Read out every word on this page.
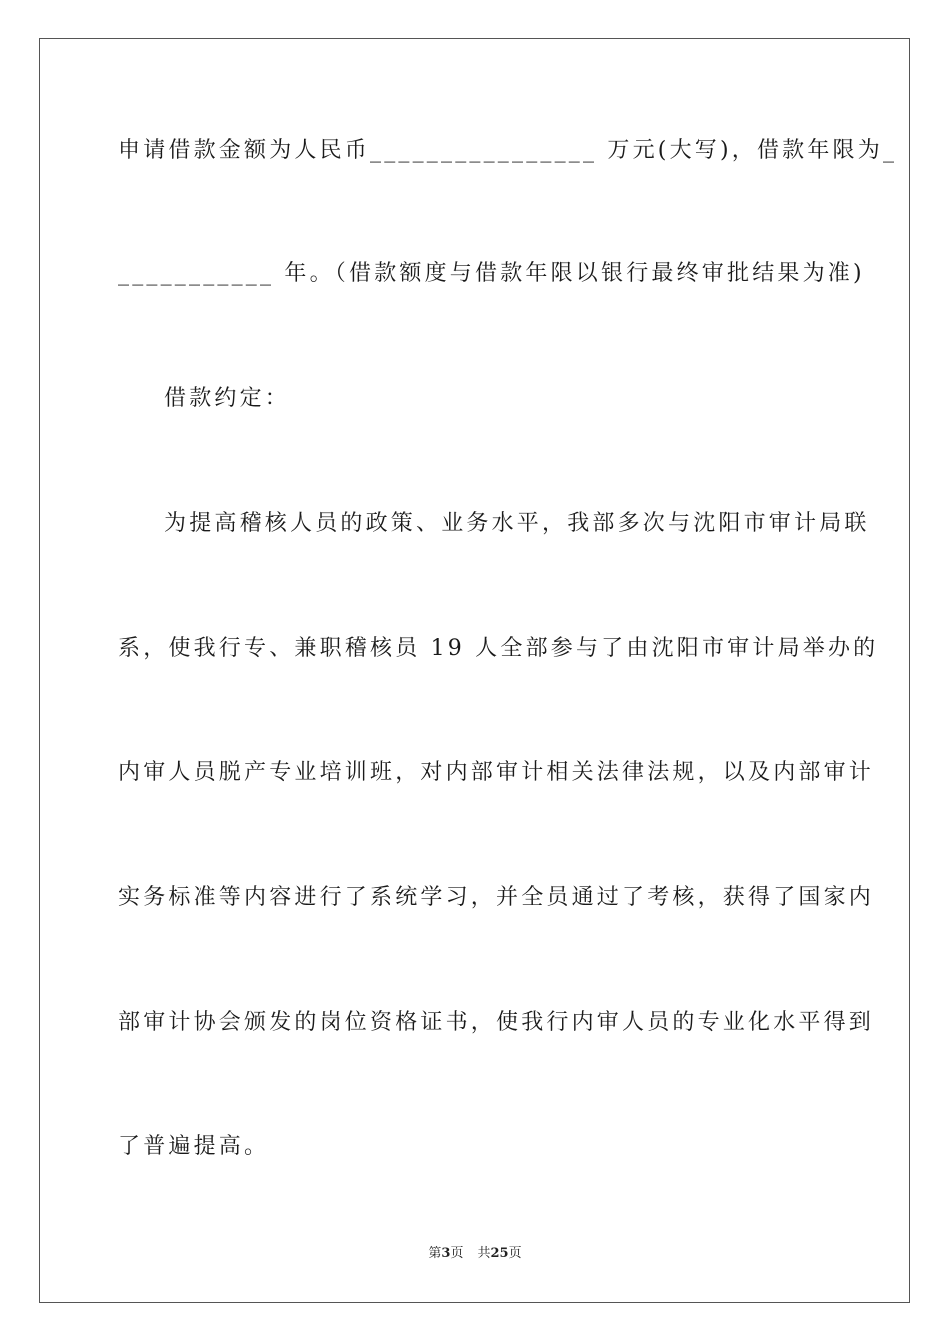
申请借款金额为人民币________________ 万元(大写)，借款年限为_
___________ 年。（借款额度与借款年限以银行最终审批结果为准)
借款约定：
为提高稽核人员的政策、业务水平，我部多次与沈阳市审计局联
系，使我行专、兼职稽核员 19 人全部参与了由沈阳市审计局举办的
内审人员脱产专业培训班，对内部审计相关法律法规，以及内部审计
实务标准等内容进行了系统学习，并全员通过了考核，获得了国家内
部审计协会颁发的岗位资格证书，使我行内审人员的专业化水平得到
了普遍提高。
第3页 共25页
